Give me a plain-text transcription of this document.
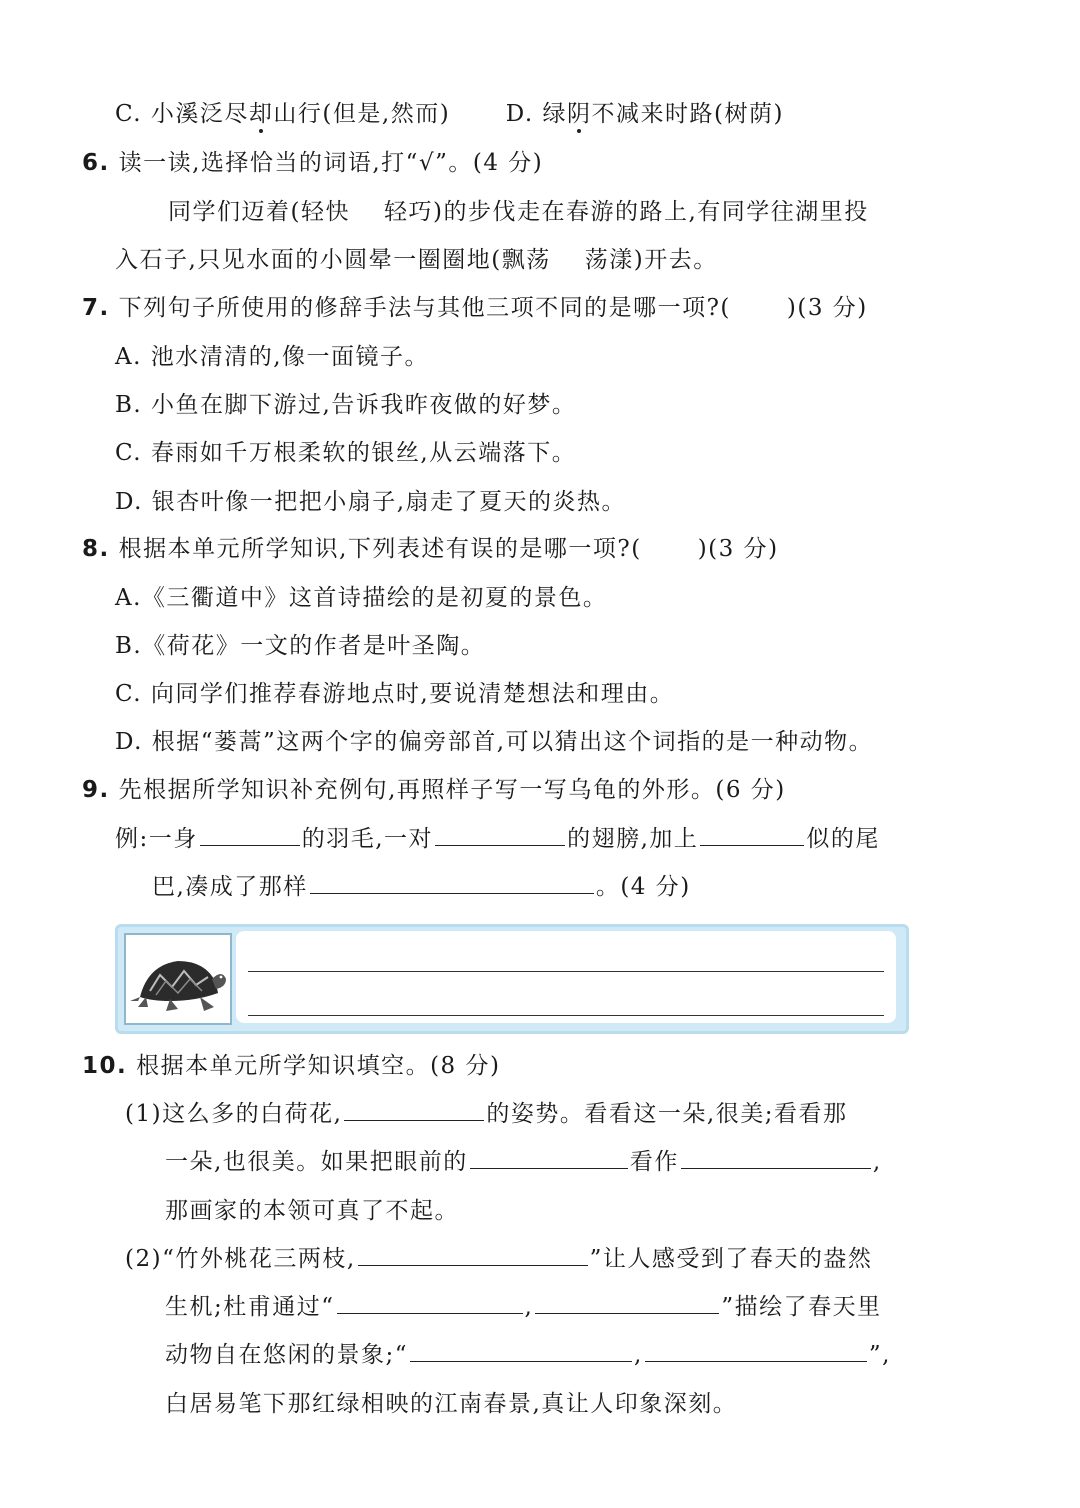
C. 小溪泛尽却山行(但是,然而) D. 绿阴不减来时路(树荫)
6. 读一读,选择恰当的词语,打“√”。(4 分)
同学们迈着(轻快 轻巧)的步伐走在春游的路上,有同学往湖里投
入石子,只见水面的小圆晕一圈圈地(飘荡 荡漾)开去。
7. 下列句子所使用的修辞手法与其他三项不同的是哪一项?( )(3 分)
A. 池水清清的,像一面镜子。
B. 小鱼在脚下游过,告诉我昨夜做的好梦。
C. 春雨如千万根柔软的银丝,从云端落下。
D. 银杏叶像一把把小扇子,扇走了夏天的炎热。
8. 根据本单元所学知识,下列表述有误的是哪一项?( )(3 分)
A.《三衢道中》这首诗描绘的是初夏的景色。
B.《荷花》一文的作者是叶圣陶。
C. 向同学们推荐春游地点时,要说清楚想法和理由。
D. 根据“蒌蒿”这两个字的偏旁部首,可以猜出这个词指的是一种动物。
9. 先根据所学知识补充例句,再照样子写一写乌龟的外形。(6 分)
例:一身	的羽毛,一对	的翅膀,加上	似的尾
巴,凑成了那样	。(4 分)
10. 根据本单元所学知识填空。(8 分)
(1)这么多的白荷花,	的姿势。看看这一朵,很美;看看那
一朵,也很美。如果把眼前的	看作	,
那画家的本领可真了不起。
(2)“竹外桃花三两枝,	”让人感受到了春天的盎然
生机;杜甫通过“	,	”描绘了春天里
动物自在悠闲的景象;“	,	”,
白居易笔下那红绿相映的江南春景,真让人印象深刻。
